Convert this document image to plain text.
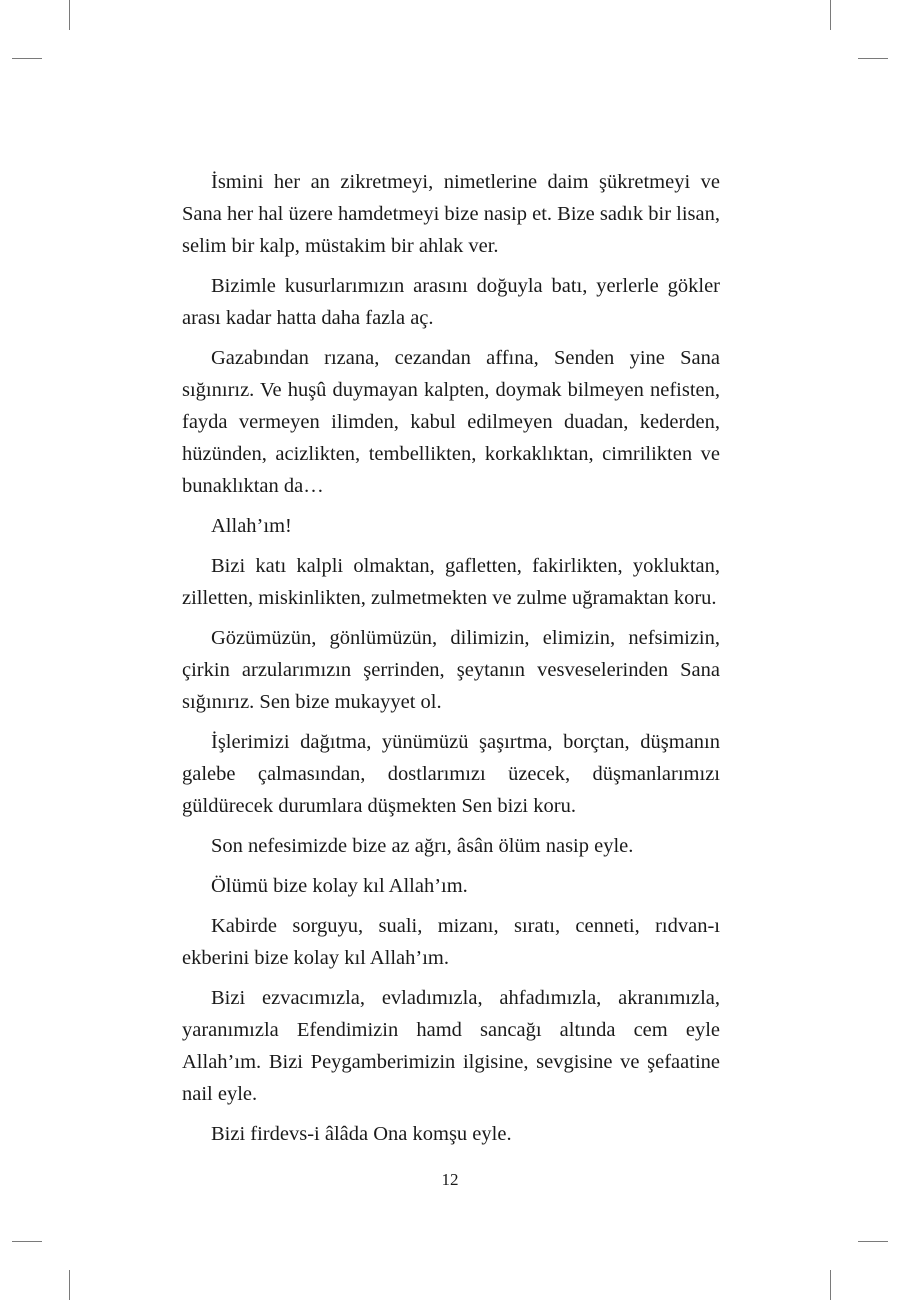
İsmini her an zikretmeyi, nimetlerine daim şükretmeyi ve Sana her hal üzere hamdetmeyi bize nasip et. Bize sadık bir lisan, selim bir kalp, müstakim bir ahlak ver.

Bizimle kusurlarımızın arasını doğuyla batı, yerlerle gökler arası kadar hatta daha fazla aç.

Gazabından rızana, cezandan affına, Senden yine Sana sığınırız. Ve huşû duymayan kalpten, doymak bilmeyen nefisten, fayda vermeyen ilimden, kabul edilmeyen duadan, kederden, hüzünden, acizlikten, tembellikten, korkaklıktan, cimrilikten ve bunaklıktan da…

Allah’ım!

Bizi katı kalpli olmaktan, gafletten, fakirlikten, yokluktan, zilletten, miskinlikten, zulmetmekten ve zulme uğramaktan koru.

Gözümüzün, gönlümüzün, dilimizin, elimizin, nefsimizin, çirkin arzularımızın şerrinden, şeytanın vesveselerinden Sana sığınırız. Sen bize mukayyet ol.

İşlerimizi dağıtma, yünümüzü şaşırtma, borçtan, düşmanın galebe çalmasından, dostlarımızı üzecek, düşmanlarımızı güldürecek durumlara düşmekten Sen bizi koru.

Son nefesimizde bize az ağrı, âsân ölüm nasip eyle.

Ölümü bize kolay kıl Allah’ım.

Kabirde sorguyu, suali, mizanı, sıratı, cenneti, rıdvan-ı ekberini bize kolay kıl Allah’ım.

Bizi ezvacımızla, evladımızla, ahfadımızla, akranımızla, yaranımızla Efendimizin hamd sancağı altında cem eyle Allah’ım. Bizi Peygamberimizin ilgisine, sevgisine ve şefaatine nail eyle.

Bizi firdevs-i âlâda Ona komşu eyle.

12
